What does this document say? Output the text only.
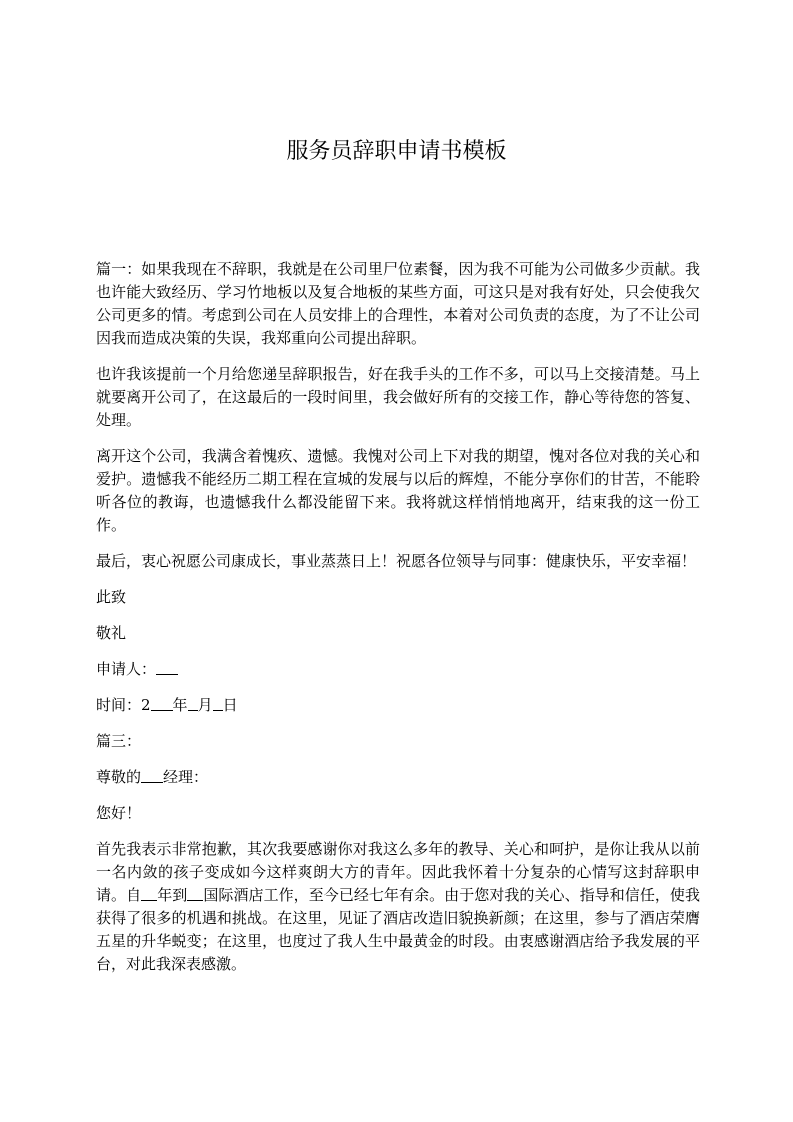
服务员辞职申请书模板

篇一：如果我现在不辞职，我就是在公司里尸位素餐，因为我不可能为公司做多少贡献。我也许能大致经历、学习竹地板以及复合地板的某些方面，可这只是对我有好处，只会使我欠公司更多的情。考虑到公司在人员安排上的合理性，本着对公司负责的态度，为了不让公司因我而造成决策的失误，我郑重向公司提出辞职。

也许我该提前一个月给您递呈辞职报告，好在我手头的工作不多，可以马上交接清楚。马上就要离开公司了，在这最后的一段时间里，我会做好所有的交接工作，静心等待您的答复、处理。

离开这个公司，我满含着愧疚、遗憾。我愧对公司上下对我的期望，愧对各位对我的关心和爱护。遗憾我不能经历二期工程在宣城的发展与以后的辉煌，不能分享你们的甘苦，不能聆听各位的教诲，也遗憾我什么都没能留下来。我将就这样悄悄地离开，结束我的这一份工作。

最后，衷心祝愿公司康成长，事业蒸蒸日上！祝愿各位领导与同事：健康快乐，平安幸福！

此致

敬礼

申请人：

时间：2 年 月 日

篇三：

尊敬的 经理：

您好！

首先我表示非常抱歉，其次我要感谢你对我这么多年的教导、关心和呵护，是你让我从以前一名内敛的孩子变成如今这样爽朗大方的青年。因此我怀着十分复杂的心情写这封辞职申请。自 年到 国际酒店工作，至今已经七年有余。由于您对我的关心、指导和信任，使我获得了很多的机遇和挑战。在这里，见证了酒店改造旧貌换新颜；在这里，参与了酒店荣膺五星的升华蜕变；在这里，也度过了我人生中最黄金的时段。由衷感谢酒店给予我发展的平台，对此我深表感激。
